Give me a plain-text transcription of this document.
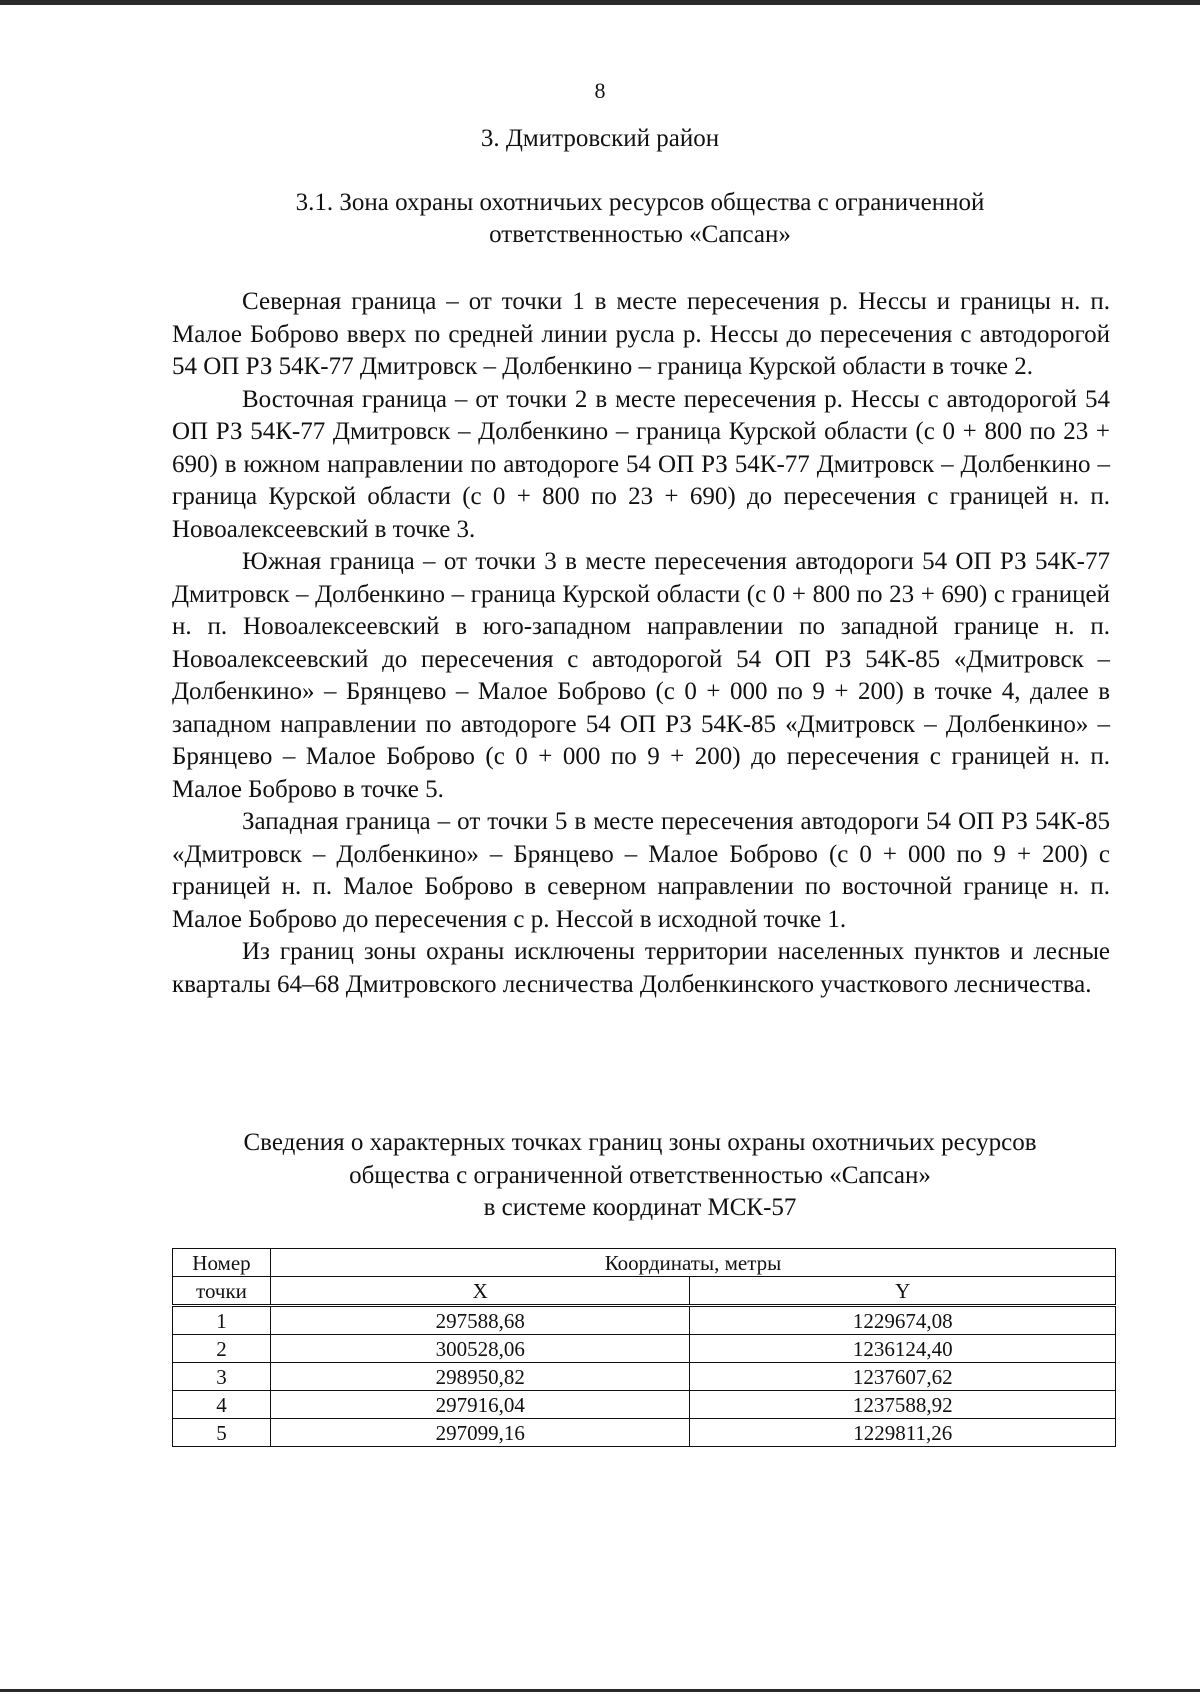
8
3. Дмитровский район
3.1. Зона охраны охотничьих ресурсов общества с ограниченной
ответственностью «Сапсан»

Северная граница – от точки 1 в месте пересечения р. Нессы и границы н. п. Малое Боброво вверх по средней линии русла р. Нессы до пересечения с автодорогой 54 ОП РЗ 54К-77 Дмитровск – Долбенкино – граница Курской области в точке 2.

Восточная граница – от точки 2 в месте пересечения р. Нессы с автодорогой 54 ОП РЗ 54К-77 Дмитровск – Долбенкино – граница Курской области (с 0 + 800 по 23 + 690) в южном направлении по автодороге 54 ОП РЗ 54К-77 Дмитровск – Долбенкино – граница Курской области (с 0 + 800 по 23 + 690) до пересечения с границей н. п. Новоалексеевский в точке 3.

Южная граница – от точки 3 в месте пересечения автодороги 54 ОП РЗ 54К-77 Дмитровск – Долбенкино – граница Курской области (с 0 + 800 по 23 + 690) с границей н. п. Новоалексеевский в юго-западном направлении по западной границе н. п. Новоалексеевский до пересечения с автодорогой 54 ОП РЗ 54К-85 «Дмитровск – Долбенкино» – Брянцево – Малое Боброво (с 0 + 000 по 9 + 200) в точке 4, далее в западном направлении по автодороге 54 ОП РЗ 54К-85 «Дмитровск – Долбенкино» – Брянцево – Малое Боброво (с 0 + 000 по 9 + 200) до пересечения с границей н. п. Малое Боброво в точке 5.

Западная граница – от точки 5 в месте пересечения автодороги 54 ОП РЗ 54К-85 «Дмитровск – Долбенкино» – Брянцево – Малое Боброво (с 0 + 000 по 9 + 200) с границей н. п. Малое Боброво в северном направлении по восточной границе н. п. Малое Боброво до пересечения с р. Нессой в исходной точке 1.

Из границ зоны охраны исключены территории населенных пунктов и лесные кварталы 64–68 Дмитровского лесничества Долбенкинского участкового лесничества.

Сведения о характерных точках границ зоны охраны охотничьих ресурсов
общества с ограниченной ответственностью «Сапсан»
в системе координат МСК-57
Номер	Координаты, метры	
точки	X	Y
1	297588,68	1229674,08
2	300528,06	1236124,40
3	298950,82	1237607,62
4	297916,04	1237588,92
5	297099,16	1229811,26
